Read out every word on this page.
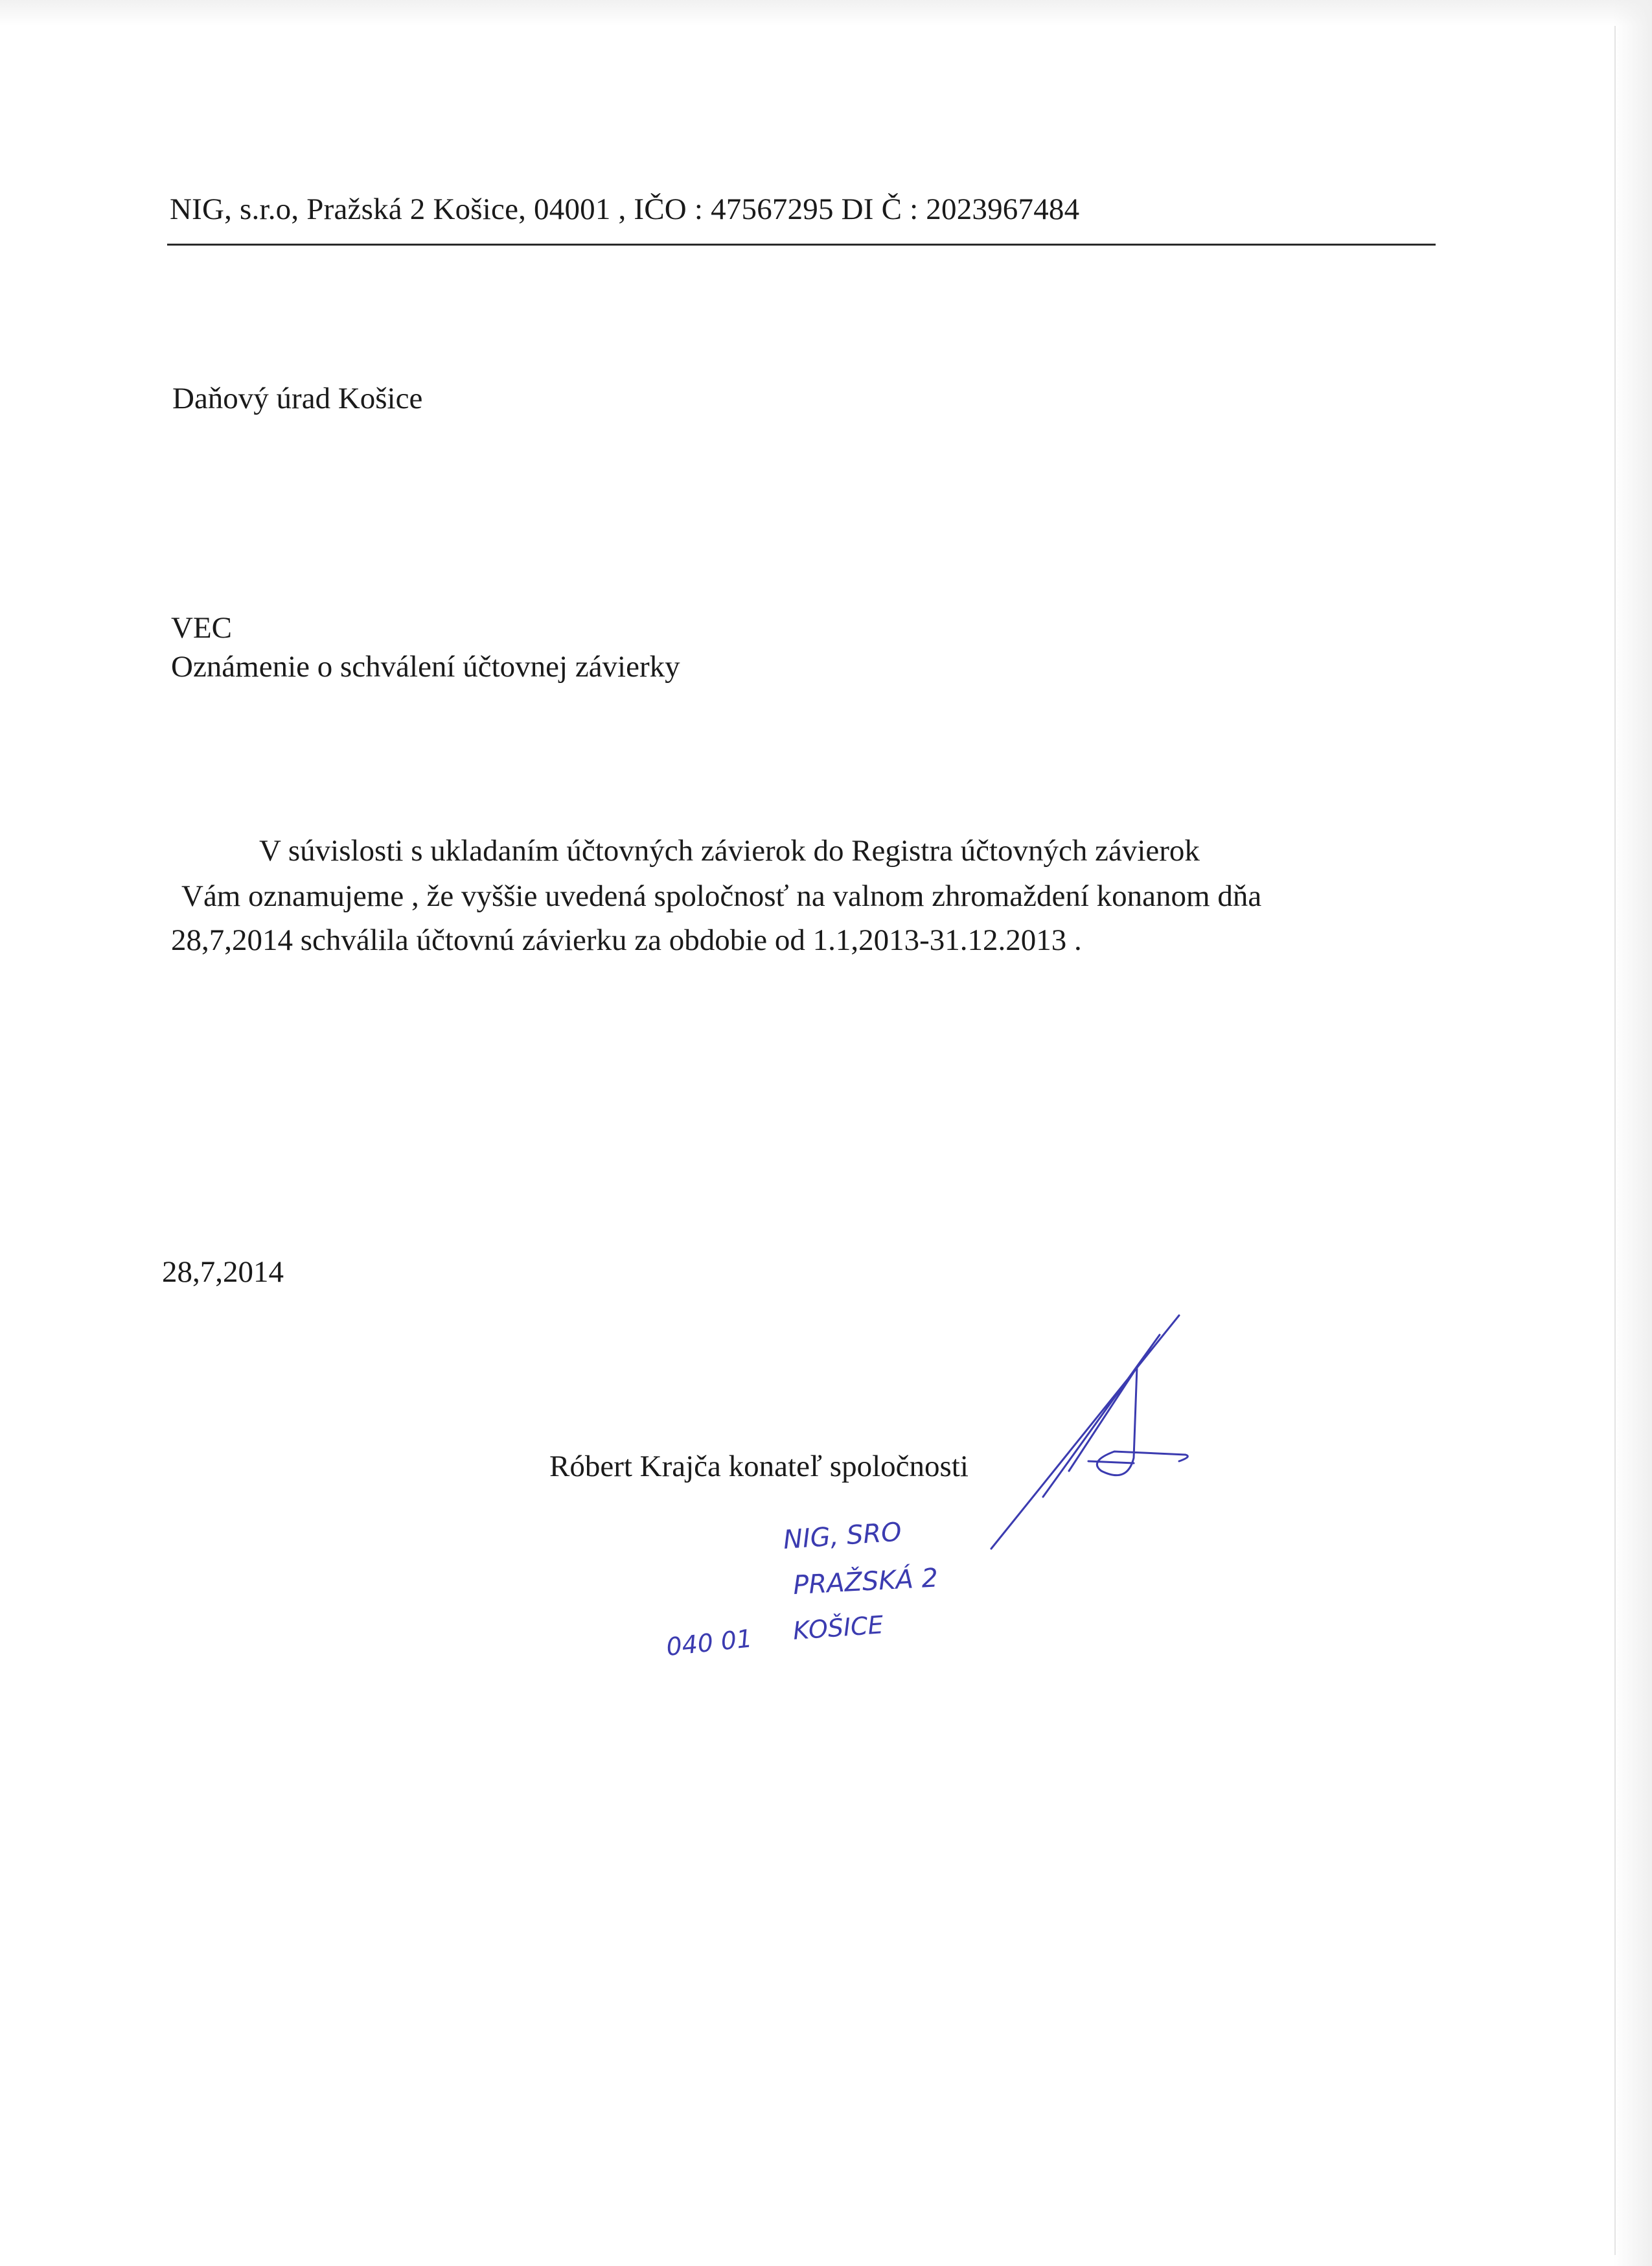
NIG, s.r.o, Pražská 2 Košice, 04001 , IČO : 47567295 DI Č : 2023967484
Daňový úrad Košice
VEC
Oznámenie o schválení účtovnej závierky
V súvislosti s ukladaním účtovných závierok do Registra účtovných závierok
Vám oznamujeme , že vyššie uvedená spoločnosť na valnom zhromaždení konanom dňa
28,7,2014 schválila účtovnú závierku za obdobie od 1.1,2013-31.12.2013 .
28,7,2014
Róbert Krajča konateľ spoločnosti
NIG, SRO
PRAŽSKÁ 2
040 01 KOŠICE
